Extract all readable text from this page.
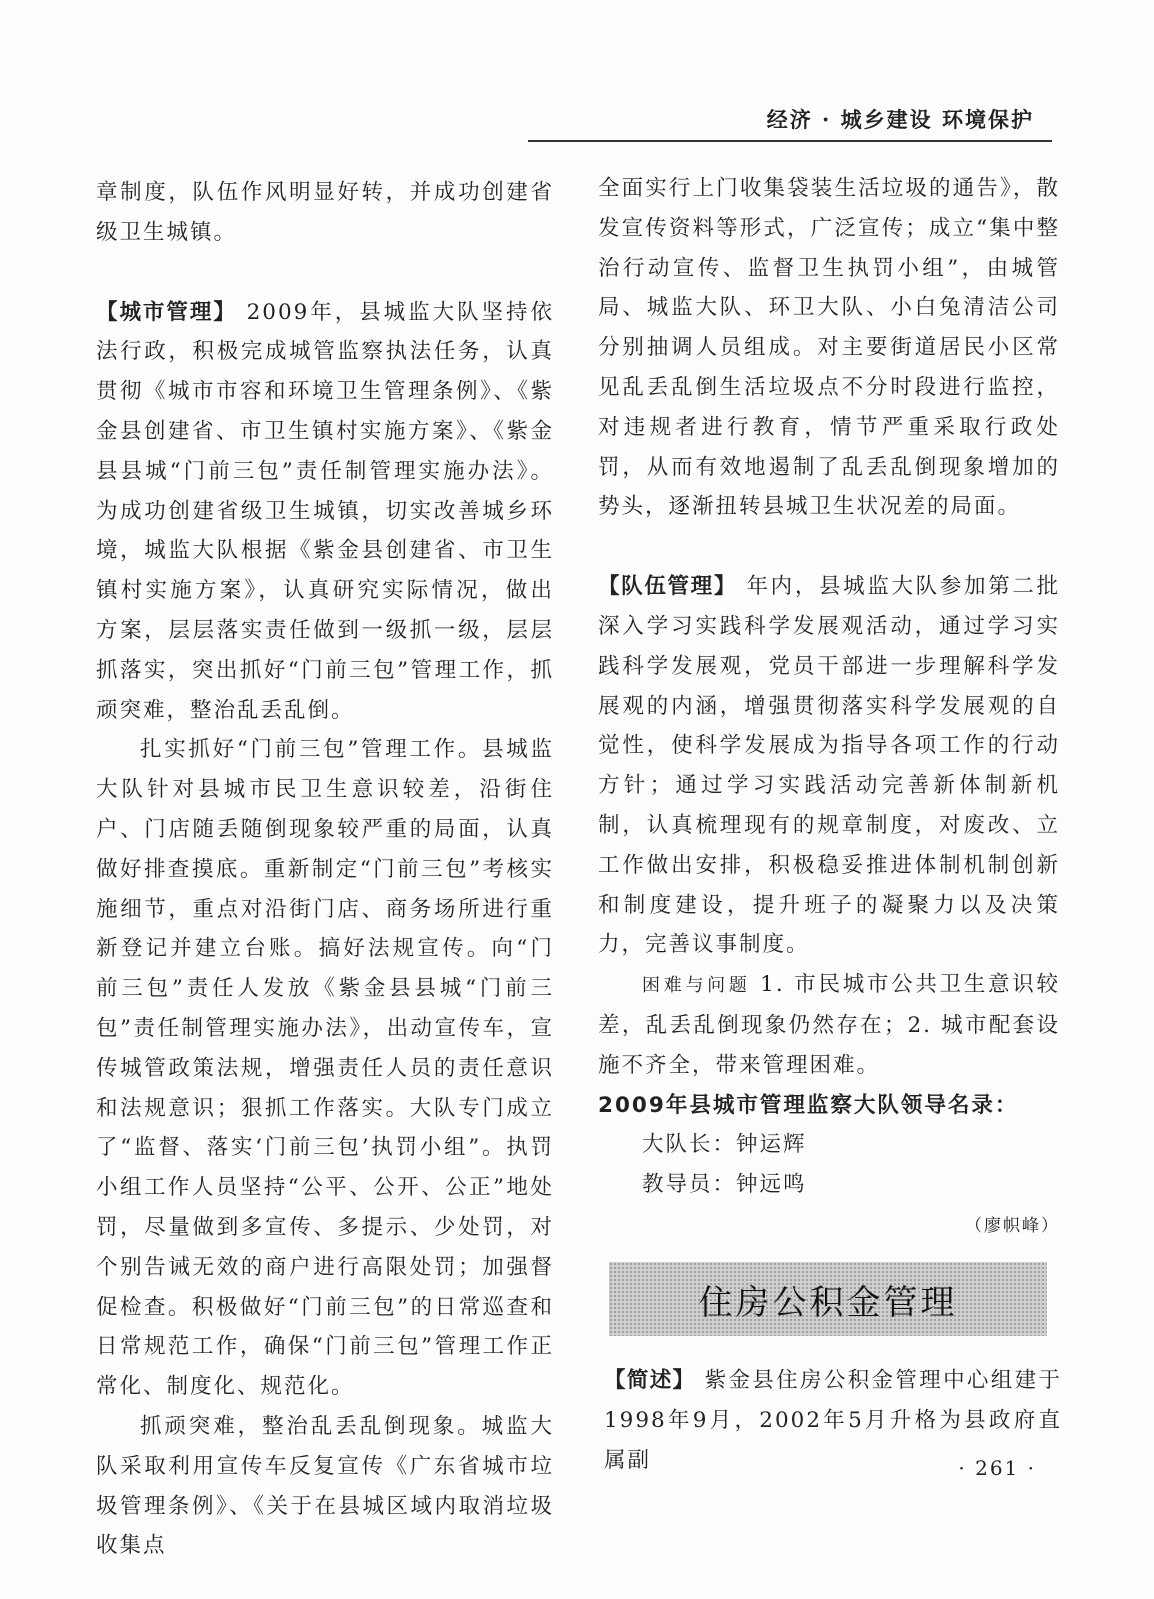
经济 · 城乡建设 环境保护

章制度，队伍作风明显好转，并成功创建省级卫生城镇。

【城市管理】 2009年，县城监大队坚持依法行政，积极完成城管监察执法任务，认真贯彻《城市市容和环境卫生管理条例》、《紫金县创建省、市卫生镇村实施方案》、《紫金县县城“门前三包”责任制管理实施办法》。为成功创建省级卫生城镇，切实改善城乡环境，城监大队根据《紫金县创建省、市卫生镇村实施方案》，认真研究实际情况，做出方案，层层落实责任做到一级抓一级，层层抓落实，突出抓好“门前三包”管理工作，抓顽突难，整治乱丢乱倒。

扎实抓好“门前三包”管理工作。县城监大队针对县城市民卫生意识较差，沿街住户、门店随丢随倒现象较严重的局面，认真做好排查摸底。重新制定“门前三包”考核实施细节，重点对沿街门店、商务场所进行重新登记并建立台账。搞好法规宣传。向“门前三包”责任人发放《紫金县县城“门前三包”责任制管理实施办法》，出动宣传车，宣传城管政策法规，增强责任人员的责任意识和法规意识；狠抓工作落实。大队专门成立了“监督、落实‘门前三包’执罚小组”。执罚小组工作人员坚持“公平、公开、公正”地处罚，尽量做到多宣传、多提示、少处罚，对个别告诫无效的商户进行高限处罚；加强督促检查。积极做好“门前三包”的日常巡查和日常规范工作，确保“门前三包”管理工作正常化、制度化、规范化。

抓顽突难，整治乱丢乱倒现象。城监大队采取利用宣传车反复宣传《广东省城市垃圾管理条例》、《关于在县城区域内取消垃圾收集点

全面实行上门收集袋装生活垃圾的通告》，散发宣传资料等形式，广泛宣传；成立“集中整治行动宣传、监督卫生执罚小组”，由城管局、城监大队、环卫大队、小白兔清洁公司分别抽调人员组成。对主要街道居民小区常见乱丢乱倒生活垃圾点不分时段进行监控，对违规者进行教育，情节严重采取行政处罚，从而有效地遏制了乱丢乱倒现象增加的势头，逐渐扭转县城卫生状况差的局面。

【队伍管理】 年内，县城监大队参加第二批深入学习实践科学发展观活动，通过学习实践科学发展观，党员干部进一步理解科学发展观的内涵，增强贯彻落实科学发展观的自觉性，使科学发展成为指导各项工作的行动方针；通过学习实践活动完善新体制新机制，认真梳理现有的规章制度，对废改、立工作做出安排，积极稳妥推进体制机制创新和制度建设，提升班子的凝聚力以及决策力，完善议事制度。

困难与问题 1. 市民城市公共卫生意识较差，乱丢乱倒现象仍然存在；2. 城市配套设施不齐全，带来管理困难。

2009年县城市管理监察大队领导名录：

大队长：钟运辉

教导员：钟远鸣

（廖帜峰）

住房公积金管理

【简述】 紫金县住房公积金管理中心组建于1998年9月，2002年5月升格为县政府直属副	· 261 ·
